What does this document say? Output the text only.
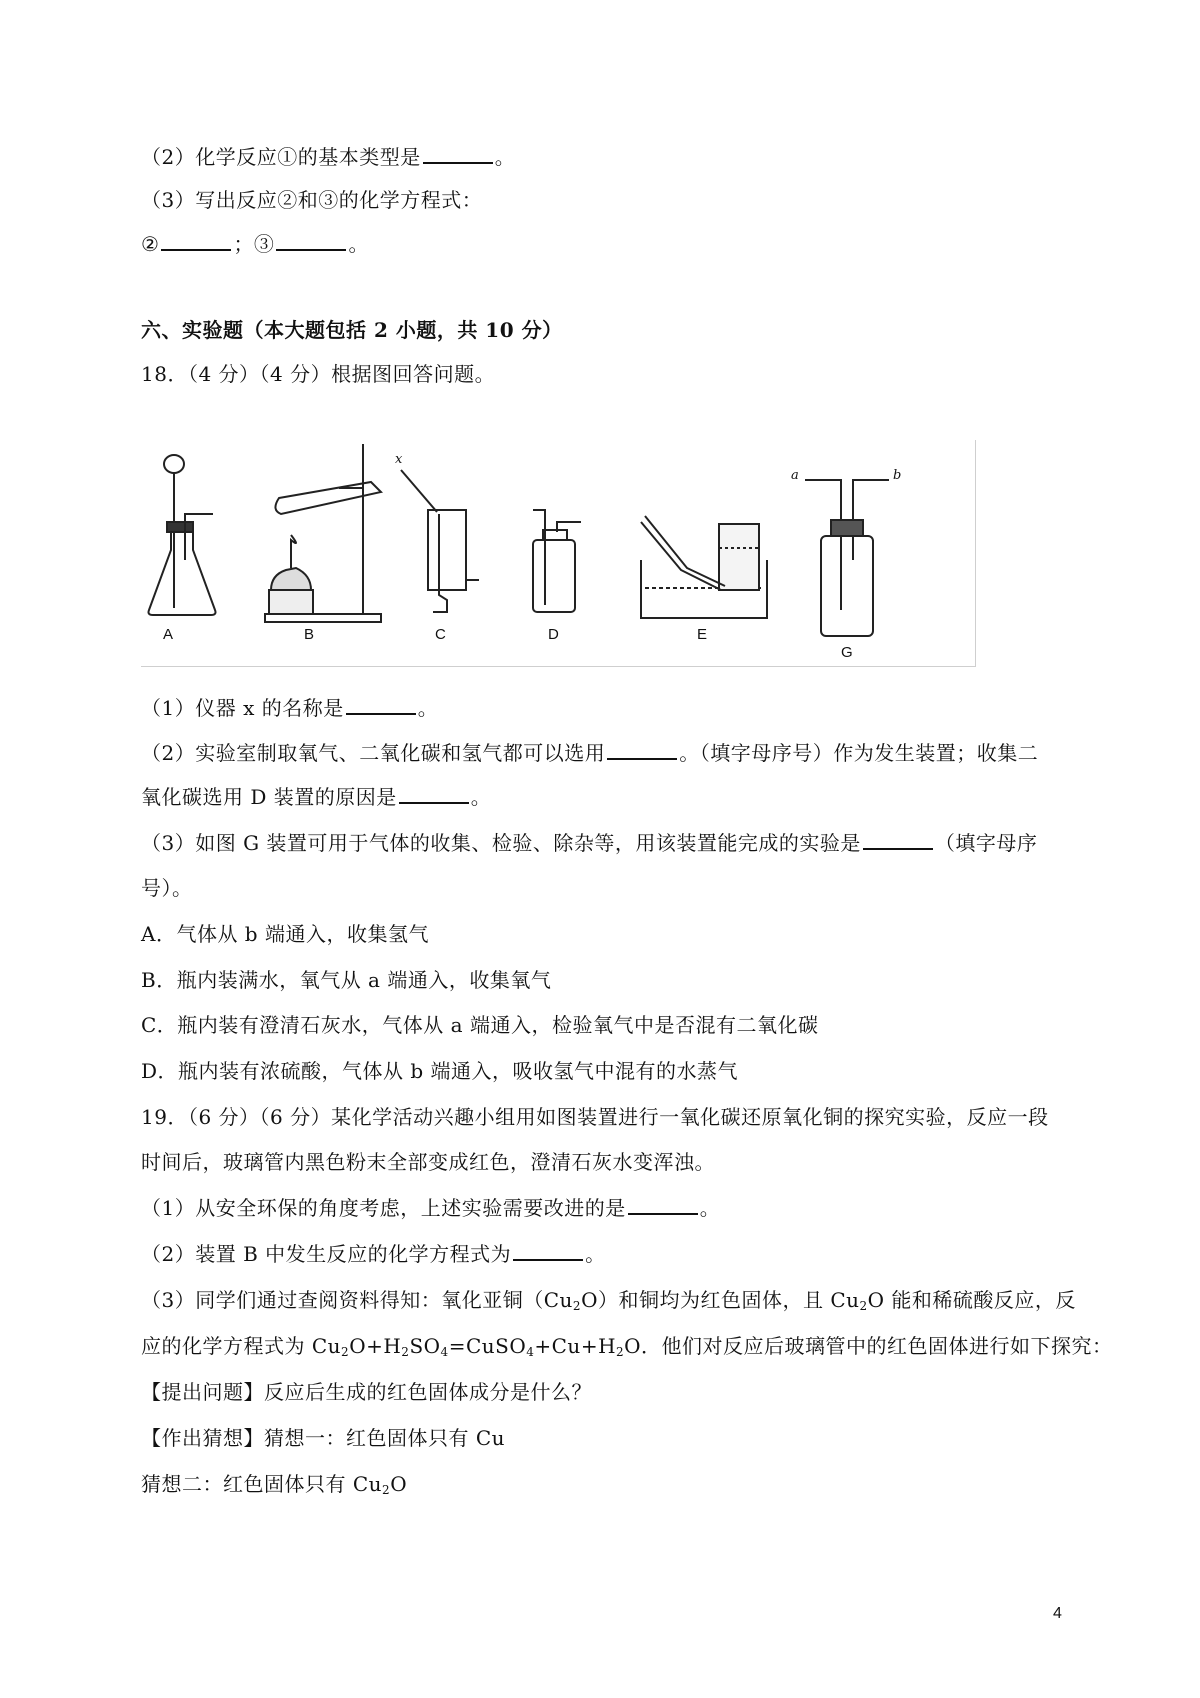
（2）化学反应①的基本类型是	。
（3）写出反应②和③的化学方程式：
②	；③	。
六、实验题（本大题包括 2 小题，共 10 分）
18．（4 分）（4 分）根据图回答问题。
A	B	C	D	E
G
x
a	b
（1）仪器 x 的名称是	。
（2）实验室制取氧气、二氧化碳和氢气都可以选用	。（填字母序号）作为发生装置；收集二
氧化碳选用 D 装置的原因是	。
（3）如图 G 装置可用于气体的收集、检验、除杂等，用该装置能完成的实验是	（填字母序
号）。
A．气体从 b 端通入，收集氢气
B．瓶内装满水，氧气从 a 端通入，收集氧气
C．瓶内装有澄清石灰水，气体从 a 端通入，检验氧气中是否混有二氧化碳
D．瓶内装有浓硫酸，气体从 b 端通入，吸收氢气中混有的水蒸气
19．（6 分）（6 分）某化学活动兴趣小组用如图装置进行一氧化碳还原氧化铜的探究实验，反应一段
时间后，玻璃管内黑色粉末全部变成红色，澄清石灰水变浑浊。
（1）从安全环保的角度考虑，上述实验需要改进的是	。
（2）装置 B 中发生反应的化学方程式为	。
（3）同学们通过查阅资料得知：氧化亚铜$(Cu_2O)$和铜均为红色固体，且 $Cu_2O$ 能和稀硫酸反应，反
应的化学方程式为 $Cu_2O+H_2SO_4=CuSO_4+Cu+H_2O$．他们对反应后玻璃管中的红色固体进行如下探究：
【提出问题】反应后生成的红色固体成分是什么？
【作出猜想】猜想一：红色固体只有 Cu
猜想二：红色固体只有 $Cu_2O$
4
